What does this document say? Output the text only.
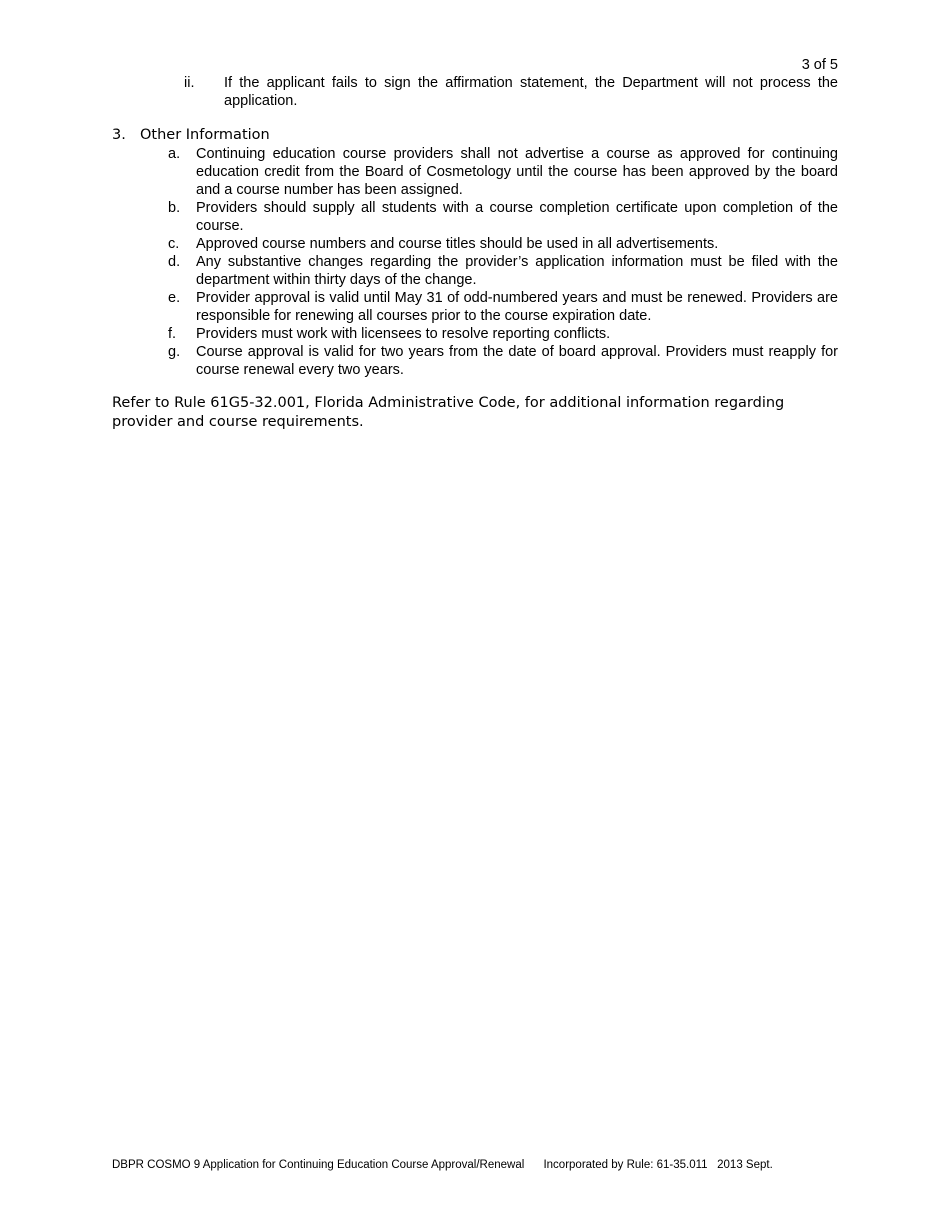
3 of 5
ii.	If the applicant fails to sign the affirmation statement, the Department will not process the application.
3. Other Information
a.	Continuing education course providers shall not advertise a course as approved for continuing education credit from the Board of Cosmetology until the course has been approved by the board and a course number has been assigned.
b.	Providers should supply all students with a course completion certificate upon completion of the course.
c.	Approved course numbers and course titles should be used in all advertisements.
d.	Any substantive changes regarding the provider’s application information must be filed with the department within thirty days of the change.
e.	Provider approval is valid until May 31 of odd-numbered years and must be renewed. Providers are responsible for renewing all courses prior to the course expiration date.
f.	Providers must work with licensees to resolve reporting conflicts.
g.	Course approval is valid for two years from the date of board approval. Providers must reapply for course renewal every two years.
Refer to Rule 61G5-32.001, Florida Administrative Code, for additional information regarding provider and course requirements.
DBPR COSMO 9 Application for Continuing Education Course Approval/Renewal      Incorporated by Rule: 61-35.011   2013 Sept.
